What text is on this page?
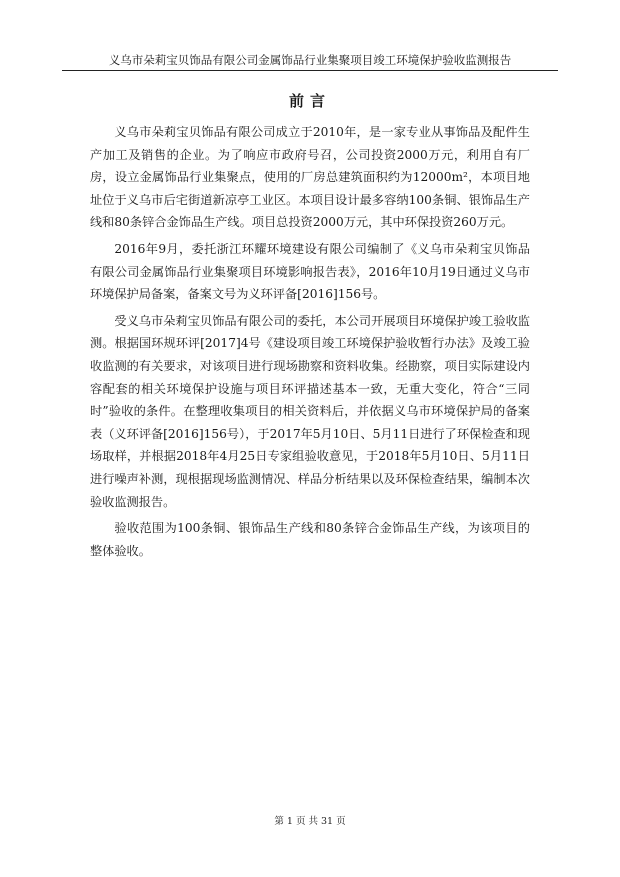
义乌市朵莉宝贝饰品有限公司金属饰品行业集聚项目竣工环境保护验收监测报告
前言

义乌市朵莉宝贝饰品有限公司成立于2010年，是一家专业从事饰品及配件生产加工及销售的企业。为了响应市政府号召，公司投资2000万元，利用自有厂房，设立金属饰品行业集聚点，使用的厂房总建筑面积约为12000m²，本项目地址位于义乌市后宅街道新凉亭工业区。本项目设计最多容纳100条铜、银饰品生产线和80条锌合金饰品生产线。项目总投资2000万元，其中环保投资260万元。

2016年9月，委托浙江环耀环境建设有限公司编制了《义乌市朵莉宝贝饰品有限公司金属饰品行业集聚项目环境影响报告表》，2016年10月19日通过义乌市环境保护局备案，备案文号为义环评备[2016]156号。

受义乌市朵莉宝贝饰品有限公司的委托，本公司开展项目环境保护竣工验收监测。根据国环规环评[2017]4号《建设项目竣工环境保护验收暂行办法》及竣工验收监测的有关要求，对该项目进行现场勘察和资料收集。经勘察，项目实际建设内容配套的相关环境保护设施与项目环评描述基本一致，无重大变化，符合“三同时”验收的条件。在整理收集项目的相关资料后，并依据义乌市环境保护局的备案表（义环评备[2016]156号），于2017年5月10日、5月11日进行了环保检查和现场取样，并根据2018年4月25日专家组验收意见，于2018年5月10日、5月11日进行噪声补测，现根据现场监测情况、样品分析结果以及环保检查结果，编制本次验收监测报告。

验收范围为100条铜、银饰品生产线和80条锌合金饰品生产线，为该项目的整体验收。

第 1 页 共 31 页
